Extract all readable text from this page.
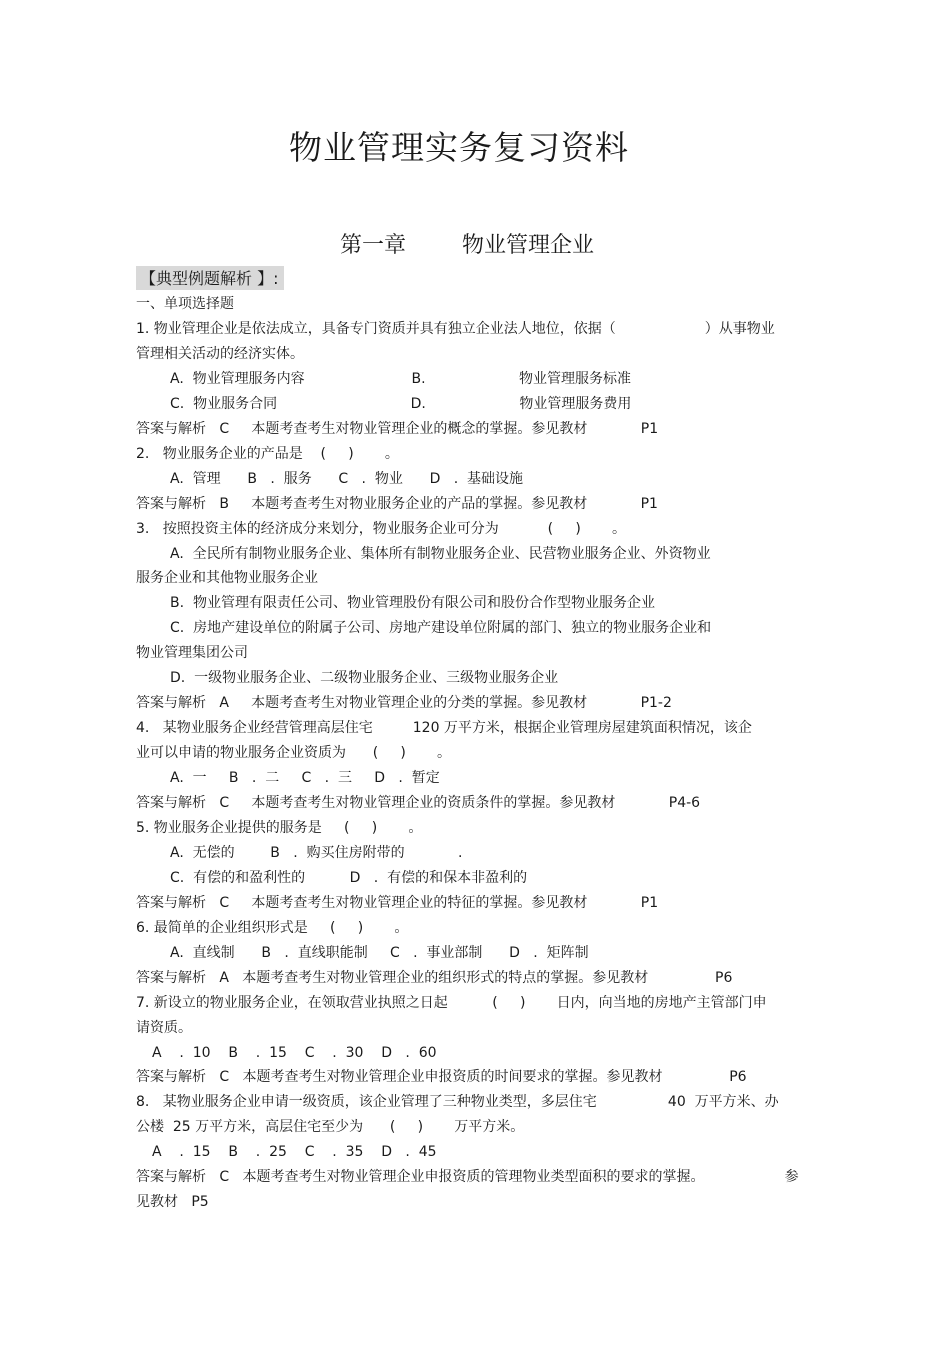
物业管理实务复习资料
第一章        物业管理企业
【典型例题解析 】:
一、单项选择题
1. 物业管理企业是依法成立，具备专门资质并具有独立企业法人地位，依据（                    ）从事物业
管理相关活动的经济实体。
A.  物业管理服务内容                        B.                     物业管理服务标准
C.  物业服务合同                              D.                     物业管理服务费用
答案与解析   C     本题考查考生对物业管理企业的概念的掌握。参见教材            P1
2.   物业服务企业的产品是    (     )       。
A.  管理      B   .  服务      C   .  物业      D   .  基础设施
答案与解析   B     本题考查考生对物业服务企业的产品的掌握。参见教材            P1
3.   按照投资主体的经济成分来划分，物业服务企业可分为           (     )       。
A.  全民所有制物业服务企业、集体所有制物业服务企业、民营物业服务企业、外资物业
服务企业和其他物业服务企业
B.  物业管理有限责任公司、物业管理股份有限公司和股份合作型物业服务企业
C.  房地产建设单位的附属子公司、房地产建设单位附属的部门、独立的物业服务企业和
物业管理集团公司
D.  一级物业服务企业、二级物业服务企业、三级物业服务企业
答案与解析   A     本题考查考生对物业管理企业的分类的掌握。参见教材            P1-2
4.   某物业服务企业经营管理高层住宅         120 万平方米，根据企业管理房屋建筑面积情况，该企
业可以申请的物业服务企业资质为      (     )       。
A.  一     B   .  二     C   .  三     D   .  暂定
答案与解析   C     本题考查考生对物业管理企业的资质条件的掌握。参见教材            P4-6
5. 物业服务企业提供的服务是     (     )       。
A.  无偿的        B   .  购买住房附带的            .
C.  有偿的和盈利性的          D   .  有偿的和保本非盈利的
答案与解析   C     本题考查考生对物业管理企业的特征的掌握。参见教材            P1
6. 最简单的企业组织形式是     (     )       。
A.  直线制      B   .  直线职能制     C   .  事业部制      D   .  矩阵制
答案与解析   A   本题考查考生对物业管理企业的组织形式的特点的掌握。参见教材               P6
7. 新设立的物业服务企业，在领取营业执照之日起          (     )       日内，向当地的房地产主管部门申
请资质。
A    .  10    B    .  15    C    .  30    D   .  60
答案与解析   C   本题考查考生对物业管理企业申报资质的时间要求的掌握。参见教材               P6
8.   某物业服务企业申请一级资质，该企业管理了三种物业类型，多层住宅                40  万平方米、办
公楼  25 万平方米，高层住宅至少为      (     )       万平方米。
A    .  15    B    .  25    C    .  35    D   .  45
答案与解析   C   本题考查考生对物业管理企业申报资质的管理物业类型面积的要求的掌握。                  参
见教材   P5
